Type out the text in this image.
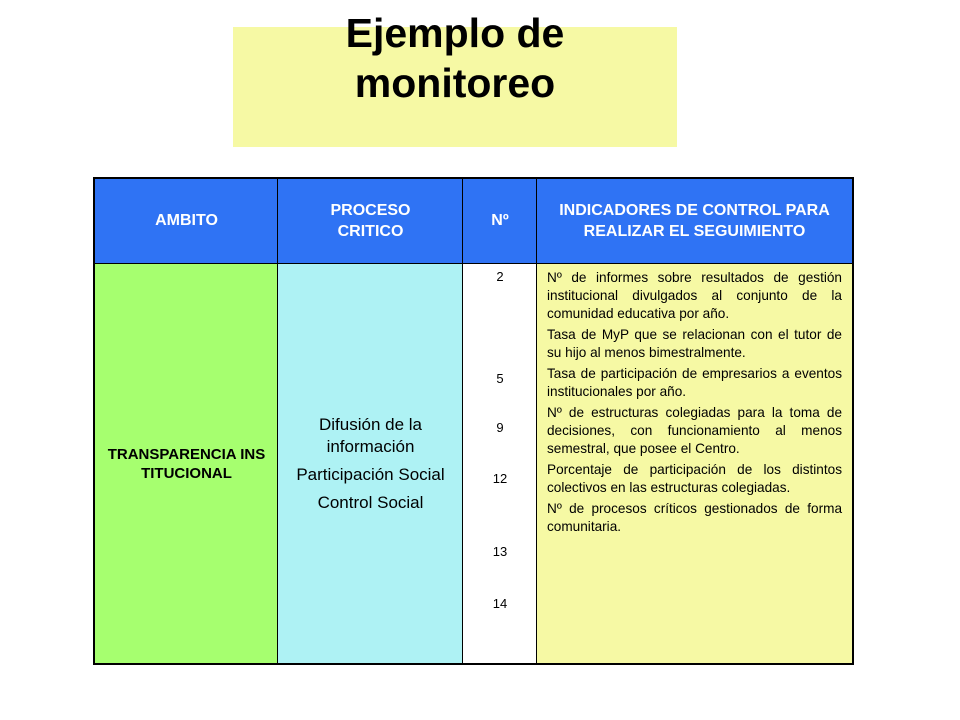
Ejemplo de
monitoreo
AMBITO
PROCESO CRITICO
Nº
INDICADORES DE CONTROL PARA REALIZAR EL SEGUIMIENTO
TRANSPARENCIA INSTITUCIONAL
Difusión de la información
Participación Social
Control Social
2
5
9
12
13
14

Nº de informes sobre resultados de gestión institucional divulgados al conjunto de la comunidad educativa por año.

Tasa de MyP que se relacionan con el tutor de su hijo al menos bimestralmente.

Tasa de participación de empresarios a eventos institucionales por año.

Nº de estructuras colegiadas para la toma de decisiones, con funcionamiento al menos semestral, que posee el Centro.

Porcentaje de participación de los distintos colectivos en las estructuras colegiadas.

Nº de procesos críticos gestionados de forma comunitaria.
